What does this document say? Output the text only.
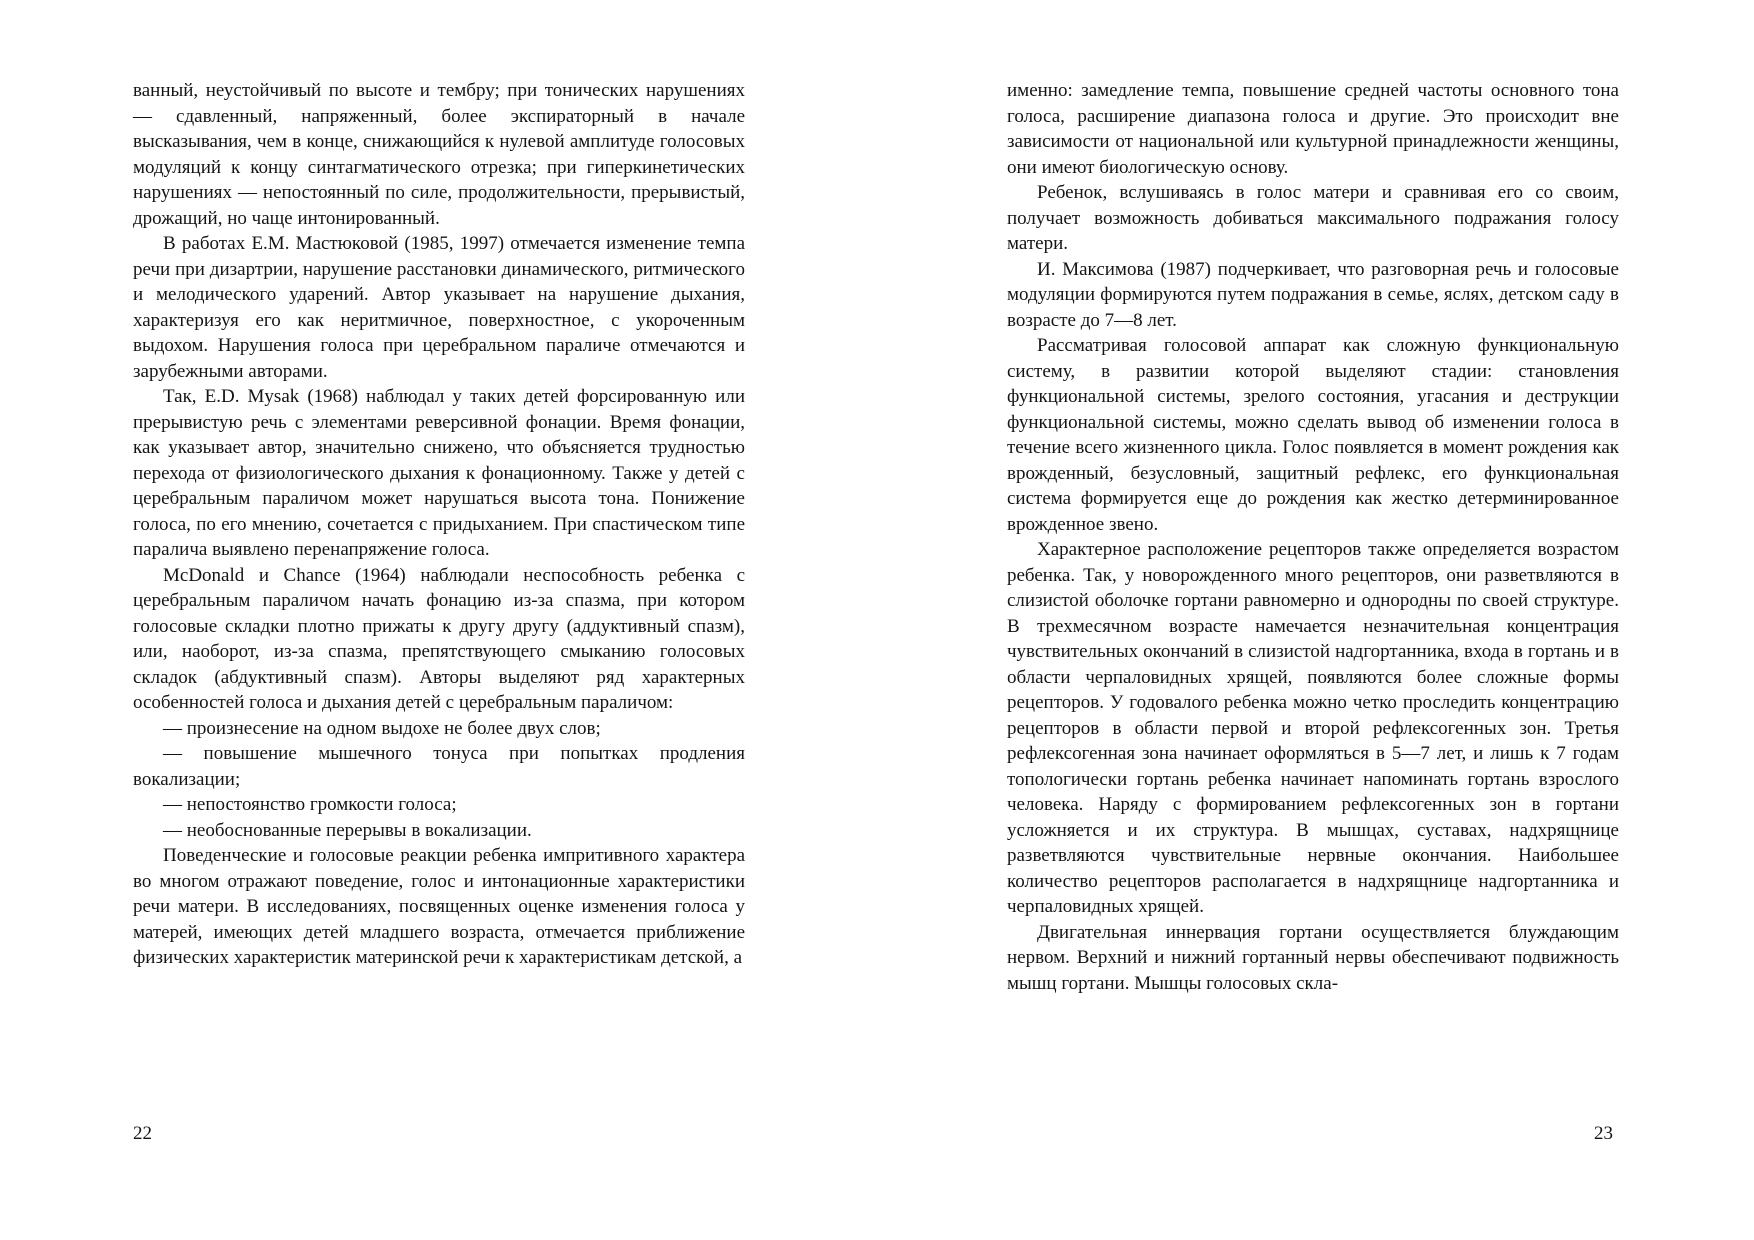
ванный, неустойчивый по высоте и тембру; при тонических нарушениях — сдавленный, напряженный, более экспираторный в начале высказывания, чем в конце, снижающийся к нулевой амплитуде голосовых модуляций к концу синтагматического отрезка; при гиперкинетических нарушениях — непостоянный по силе, продолжительности, прерывистый, дрожащий, но чаще интонированный.

В работах Е.М. Мастюковой (1985, 1997) отмечается изменение темпа речи при дизартрии, нарушение расстановки динамического, ритмического и мелодического ударений. Автор указывает на нарушение дыхания, характеризуя его как неритмичное, поверхностное, с укороченным выдохом. Нарушения голоса при церебральном параличе отмечаются и зарубежными авторами.

Так, E.D. Mysak (1968) наблюдал у таких детей форсированную или прерывистую речь с элементами реверсивной фонации. Время фонации, как указывает автор, значительно снижено, что объясняется трудностью перехода от физиологического дыхания к фонационному. Также у детей с церебральным параличом может нарушаться высота тона. Понижение голоса, по его мнению, сочетается с придыханием. При спастическом типе паралича выявлено перенапряжение голоса.

McDonald и Chance (1964) наблюдали неспособность ребенка с церебральным параличом начать фонацию из-за спазма, при котором голосовые складки плотно прижаты к другу другу (аддуктивный спазм), или, наоборот, из-за спазма, препятствующего смыканию голосовых складок (абдуктивный спазм). Авторы выделяют ряд характерных особенностей голоса и дыхания детей с церебральным параличом:

— произнесение на одном выдохе не более двух слов;

— повышение мышечного тонуса при попытках продления вокализации;

— непостоянство громкости голоса;

— необоснованные перерывы в вокализации.

Поведенческие и голосовые реакции ребенка импритивного характера во многом отражают поведение, голос и интонационные характеристики речи матери. В исследованиях, посвященных оценке изменения голоса у матерей, имеющих детей младшего возраста, отмечается приближение физических характеристик материнской речи к характеристикам детской, а

22

именно: замедление темпа, повышение средней частоты основного тона голоса, расширение диапазона голоса и другие. Это происходит вне зависимости от национальной или культурной принадлежности женщины, они имеют биологическую основу.

Ребенок, вслушиваясь в голос матери и сравнивая его со своим, получает возможность добиваться максимального подражания голосу матери.

И. Максимова (1987) подчеркивает, что разговорная речь и голосовые модуляции формируются путем подражания в семье, яслях, детском саду в возрасте до 7—8 лет.

Рассматривая голосовой аппарат как сложную функциональную систему, в развитии которой выделяют стадии: становления функциональной системы, зрелого состояния, угасания и деструкции функциональной системы, можно сделать вывод об изменении голоса в течение всего жизненного цикла. Голос появляется в момент рождения как врожденный, безусловный, защитный рефлекс, его функциональная система формируется еще до рождения как жестко детерминированное врожденное звено.

Характерное расположение рецепторов также определяется возрастом ребенка. Так, у новорожденного много рецепторов, они разветвляются в слизистой оболочке гортани равномерно и однородны по своей структуре. В трехмесячном возрасте намечается незначительная концентрация чувствительных окончаний в слизистой надгортанника, входа в гортань и в области черпаловидных хрящей, появляются более сложные формы рецепторов. У годовалого ребенка можно четко проследить концентрацию рецепторов в области первой и второй рефлексогенных зон. Третья рефлексогенная зона начинает оформляться в 5—7 лет, и лишь к 7 годам топологически гортань ребенка начинает напоминать гортань взрослого человека. Наряду с формированием рефлексогенных зон в гортани усложняется и их структура. В мышцах, суставах, надхрящнице разветвляются чувствительные нервные окончания. Наибольшее количество рецепторов располагается в надхрящнице надгортанника и черпаловидных хрящей.

Двигательная иннервация гортани осуществляется блуждающим нервом. Верхний и нижний гортанный нервы обеспечивают подвижность мышц гортани. Мышцы голосовых скла-

23
